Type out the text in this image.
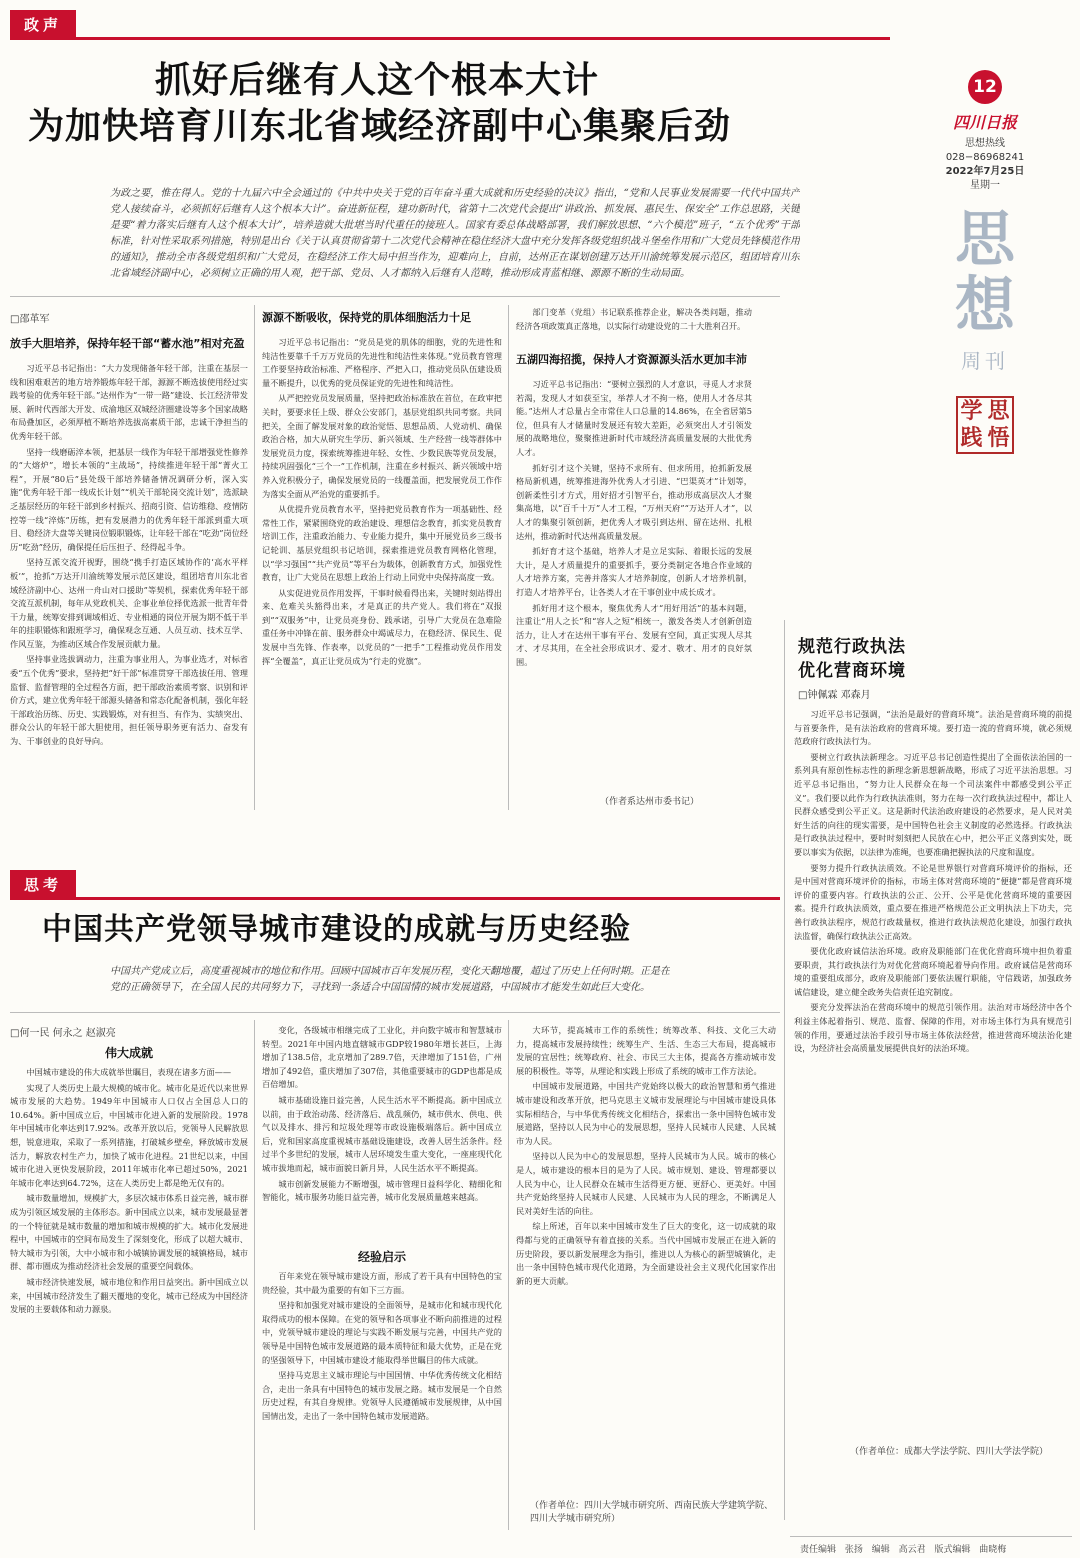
政声
抓好后继有人这个根本大计
为加快培育川东北省域经济副中心集聚后劲
12
四川日报
思想热线
028−86968241
2022年7月25日
星期一
思
想
周刊
学 思
践 悟
为政之要，惟在得人。党的十九届六中全会通过的《中共中央关于党的百年奋斗重大成就和历史经验的决议》指出，“党和人民事业发展需要一代代中国共产党人接续奋斗，必须抓好后继有人这个根本大计”。奋进新征程，建功新时代，省第十二次党代会提出“讲政治、抓发展、惠民生、保安全”工作总思路，关键是要“着力落实后继有人这个根本大计”，培养造就大批堪当时代重任的接班人。国家有委总体战略部署，我们解放思想、“六个模范”班子，“五个优秀”干部标准，针对性采取系列措施，特别是出台《关于认真贯彻省第十二次党代会精神在稳住经济大盘中充分发挥各级党组织战斗堡垒作用和广大党员先锋模范作用的通知》，推动全市各级党组织和广大党员，在稳经济工作大局中担当作为，迎难向上，自前，达州正在谋划创建万达开川渝统筹发展示范区，组团培育川东北省域经济副中心，必须树立正确的用人观，把干部、党员、人才都纳入后继有人范畴，推动形成青蓝相继、源源不断的生动局面。
□邵革军
放手大胆培养，保持年轻干部“蓄水池”相对充盈

习近平总书记指出：“大力发现储备年轻干部，注重在基层一线和困难艰苦的地方培养锻炼年轻干部，源源不断选拔使用经过实践考验的优秀年轻干部。”达州作为“一带一路”建设、长江经济带发展、新时代西部大开发、成渝地区双城经济圈建设等多个国家战略布局叠加区，必须厚植不断培养选拔高素质干部，忠诚干净担当的优秀年轻干部。

坚持一线磨砺淬本领，把基层一线作为年轻干部增强党性修养的“大熔炉”，增长本领的“主战场”，持续推进年轻干部“菁火工程”，开展“80后”县处级干部培养储备情况调研分析，深入实施“优秀年轻干部一线成长计划”“机关干部轮岗交流计划”，选派缺乏基层经历的年轻干部到乡村振兴、招商引资、信访维稳、疫情防控等一线“淬炼”历练，把有发展潜力的优秀年轻干部派到重大项目、稳经济大盘等关键岗位锻职锻炼，让年轻干部在“吃劲”岗位经历“吃劲”经历，确保提任后压担子、经得起斗争。

坚持互派交流开视野，围绕“携手打造区域协作的‘高水平样板’”，抢抓“万达开川渝统筹发展示范区建设，组团培育川东北省域经济副中心、达州一舟山对口援助”等契机，探索优秀年轻干部交流互派机制，每年从党政机关、企事业单位择优选派一批青年骨干力量，统筹安排到调域相近、专业相通的岗位开展为期不低于半年的挂职锻炼和跟班学习，确保观念互通、人员互动、技术互学、作风互鉴，为推动区域合作发展贡献力量。

坚持事业选拔调动力，注重为事业用人，为事业选才，对标省委“五个优秀”要求，坚持把“好干部”标准贯穿干部选拔任用、管理监督、监督管理的全过程各方面，把干部政治素质考察、识别和评价方式，建立优秀年轻干部源头储备和常态化配备机制，强化年轻干部政治历练、历史、实践锻炼，对有担当、有作为、实绩突出、群众公认的年轻干部大胆使用，担任领导职务更有活力、奋发有为、干事创业的良好导向。

源源不断吸收，保持党的肌体细胞活力十足

习近平总书记指出：“党员是党的肌体的细胞，党的先进性和纯洁性要靠千千万万党员的先进性和纯洁性来体现。”党员教育管理工作要坚持政治标准、严格程序、严把入口，推动党员队伍建设质量不断提升，以优秀的党员保证党的先进性和纯洁性。

从严把控党员发展质量，坚持把政治标准放在首位，在政审把关时，要要求任上级、群众公安部门，基层党组织共同考察。共同把关，全面了解发展对象的政治觉悟、思想品质、人党动机、确保政治合格，加大从研究生学历、新兴领域、生产经营一线等群体中发展党员力度，探索统筹推进年轻、女性、少数民族等党员发展，持续巩固强化“三个一”工作机制，注重在乡村振兴、新兴领域中培养入党积极分子，确保发展党员的一线覆盖面，把发展党员工作作为落实全面从严治党的重要抓手。

从优提升党员教育水平，坚持把党员教育作为一项基础性、经常性工作，紧紧围绕党的政治建设、理想信念教育，抓实党员教育培训工作，注重政治能力、专业能力提升，集中开展党员乡三级书记轮训、基层党组织书记培训，探索推进党员教育网格化管理，以“学习强国”“共产党员”等平台为载体，创新教育方式，加强党性教育，让广大党员在思想上政治上行动上同党中央保持高度一致。

从实促进党员作用发挥，干事时候看得出来，关键时刻站得出来、危难关头豁得出来，才是真正的共产党人。我们将在“双报到”“双服务”中，让党员亮身份、践承诺，引导广大党员在急难险重任务中冲锋在前、服务群众中竭诚尽力，在稳经济、保民生、促发展中当先锋、作表率，以党员的“一把手”工程推动党员作用发挥“全覆盖”，真正让党员成为“行走的党旗”。

部门变革（党组）书记联系推荐企业，解决各类问题，推动经济各项政策真正落地，以实际行动建设党的二十大胜利召开。

五湖四海招揽，保持人才资源源头活水更加丰沛

习近平总书记指出：“要树立强烈的人才意识，寻觅人才求贤若渴，发现人才如获至宝，举荐人才不拘一格，使用人才各尽其能。”达州人才总量占全市常住人口总量的14.86%，在全省居第5位，但具有人才储量时发展还有较大差距，必须突出人才引领发展的战略地位，聚聚推进新时代市域经济高质量发展的大批优秀人才。

抓好引才这个关键，坚持不求所有、但求所用，抢抓新发展格局新机遇，统筹推进海外优秀人才引进、“巴渠英才”计划等，创新柔性引才方式，用好招才引智平台，推动形成高层次人才聚集高地，以“百千十万”人才工程，“万州天府”“万达开人才”，以人才的集聚引领创新，把优秀人才吸引到达州、留在达州、扎根达州，推动新时代达州高质量发展。

抓好育才这个基础，培养人才是立足实际、着眼长远的发展大计，是人才质量提升的重要抓手，要分类制定各地合作业域的人才培养方案，完善并落实人才培养制度，创新人才培养机制，打造人才培养平台，让各类人才在干事创业中成长成才。

抓好用才这个根本，聚焦优秀人才“用好用活”的基本问题，注重让“用人之长”和“容人之短”相统一，激发各类人才创新创造活力，让人才在达州干事有平台、发展有空间，真正实现人尽其才、才尽其用，在全社会形成识才、爱才、敬才、用才的良好氛围。

（作者系达州市委书记）
规范行政执法
优化营商环境
□钟佩霖 邓森月

习近平总书记强调，“法治是最好的营商环境”。法治是营商环境的前提与首要条件，是有法治政府的营商环境。要打造一流的营商环境，就必须规范政府行政执法行为。

要树立行政执法新理念。习近平总书记创造性提出了全面依法治国的一系列具有原创性标志性的新理念新思想新战略，形成了习近平法治思想。习近平总书记指出，“努力让人民群众在每一个司法案件中都感受到公平正义”。我们要以此作为行政执法准则，努力在每一次行政执法过程中，都让人民群众感受到公平正义。这是新时代法治政府建设的必然要求，是人民对美好生活的向往的现实需要，是中国特色社会主义制度的必然选择。行政执法是行政执法过程中，要时时刻刻把人民放在心中，把公平正义落到实处，既要以事实为依据，以法律为准绳，也要准确把握执法的尺度和温度。

要努力提升行政执法质效。不论是世界银行对营商环境评价的指标，还是中国对营商环境评价的指标，市场主体对营商环境的“便捷”都是营商环境评价的重要内容。行政执法的公正、公开、公平是优化营商环境的重要因素。提升行政执法质效，重点要在推进严格规范公正文明执法上下功夫，完善行政执法程序，规范行政裁量权，推进行政执法规范化建设，加强行政执法监督，确保行政执法公正高效。

要优化政府诚信法治环境。政府及职能部门在优化营商环境中担负着重要职责，其行政执法行为对优化营商环境起着导向作用。政府诚信是营商环境的重要组成部分，政府及职能部门要依法履行职能，守信践诺，加强政务诚信建设，建立健全政务失信责任追究制度。

要充分发挥法治在营商环境中的规范引领作用。法治对市场经济中各个利益主体起着指引、规范、监督、保障的作用，对市场主体行为具有规范引领的作用，要通过法治手段引导市场主体依法经营，推进营商环境法治化建设，为经济社会高质量发展提供良好的法治环境。

（作者单位：成都大学法学院、四川大学法学院）
思考
中国共产党领导城市建设的成就与历史经验
中国共产党成立后，高度重视城市的地位和作用。回顾中国城市百年发展历程，变化天翻地覆，超过了历史上任何时期。正是在党的正确领导下，在全国人民的共同努力下，寻找到一条适合中国国情的城市发展道路，中国城市才能发生如此巨大变化。
□何一民 何永之 赵淑亮
伟大成就

中国城市建设的伟大成就举世瞩目，表现在诸多方面——

实现了人类历史上最大规模的城市化。城市化是近代以来世界城市发展的大趋势。1949年中国城市人口仅占全国总人口的10.64%。新中国成立后，中国城市化进入新的发展阶段。1978年中国城市化率达到17.92%。改革开放以后，党领导人民解放思想，锐意进取，采取了一系列措施，打破城乡壁垒，释放城市发展活力，解放农村生产力，加快了城市化进程。21世纪以来，中国城市化进入更快发展阶段，2011年城市化率已超过50%，2021年城市化率达到64.72%，这在人类历史上都是绝无仅有的。

城市数量增加，规模扩大，多层次城市体系日益完善，城市群成为引领区域发展的主体形态。新中国成立以来，城市发展最显著的一个特征就是城市数量的增加和城市规模的扩大。城市化发展进程中，中国城市的空间布局发生了深刻变化，形成了以超大城市、特大城市为引领，大中小城市和小城镇协调发展的城镇格局，城市群、都市圈成为推动经济社会发展的重要空间载体。

城市经济快速发展，城市地位和作用日益突出。新中国成立以来，中国城市经济发生了翻天覆地的变化，城市已经成为中国经济发展的主要载体和动力源泉。

变化，各级城市相继完成了工业化，并向数字城市和智慧城市转型。2021年中国内地直辖城市GDP较1980年增长甚巨，上海增加了138.5倍，北京增加了289.7倍，天津增加了151倍，广州增加了492倍，重庆增加了307倍，其他重要城市的GDP也都是成百倍增加。

城市基础设施日益完善，人民生活水平不断提高。新中国成立以前，由于政治动荡、经济落后、战乱频仍，城市供水、供电、供气以及排水、排污和垃圾处理等市政设施极端落后。新中国成立后，党和国家高度重视城市基础设施建设，改善人居生活条件。经过半个多世纪的发展，城市人居环境发生重大变化，一座座现代化城市拔地而起，城市面貌日新月异，人民生活水平不断提高。

城市创新发展能力不断增强，城市管理日益科学化、精细化和智能化，城市服务功能日益完善，城市化发展质量越来越高。

经验启示

百年来党在领导城市建设方面，形成了若干具有中国特色的宝贵经验，其中最为重要的有如下三方面。

坚持和加强党对城市建设的全面领导，是城市化和城市现代化取得成功的根本保障。在党的领导和各项事业不断向前推进的过程中，党领导城市建设的理论与实践不断发展与完善，中国共产党的领导是中国特色城市发展道路的最本质特征和最大优势，正是在党的坚强领导下，中国城市建设才能取得举世瞩目的伟大成就。

坚持马克思主义城市理论与中国国情、中华优秀传统文化相结合，走出一条具有中国特色的城市发展之路。城市发展是一个自然历史过程，有其自身规律。党领导人民遵循城市发展规律，从中国国情出发，走出了一条中国特色城市发展道路。

大环节，提高城市工作的系统性；统筹改革、科技、文化三大动力，提高城市发展持续性；统筹生产、生活、生态三大布局，提高城市发展的宜居性；统筹政府、社会、市民三大主体，提高各方推动城市发展的积极性。等等，从理论和实践上形成了系统的城市工作方法论。

中国城市发展道路，中国共产党始终以极大的政治智慧和勇气推进城市建设和改革开放，把马克思主义城市发展理论与中国城市建设具体实际相结合，与中华优秀传统文化相结合，探索出一条中国特色城市发展道路，坚持以人民为中心的发展思想，坚持人民城市人民建、人民城市为人民。

坚持以人民为中心的发展思想，坚持人民城市为人民。城市的核心是人，城市建设的根本目的是为了人民。城市规划、建设、管理都要以人民为中心，让人民群众在城市生活得更方便、更舒心、更美好。中国共产党始终坚持人民城市人民建、人民城市为人民的理念，不断满足人民对美好生活的向往。

综上所述，百年以来中国城市发生了巨大的变化，这一切成就的取得都与党的正确领导有着直接的关系。当代中国城市发展正在进入新的历史阶段，要以新发展理念为指引，推进以人为核心的新型城镇化，走出一条中国特色城市现代化道路，为全面建设社会主义现代化国家作出新的更大贡献。

（作者单位：四川大学城市研究所、西南民族大学建筑学院、四川大学城市研究所）
责任编辑 张扬 编辑 高云君 版式编辑 曲晓梅
